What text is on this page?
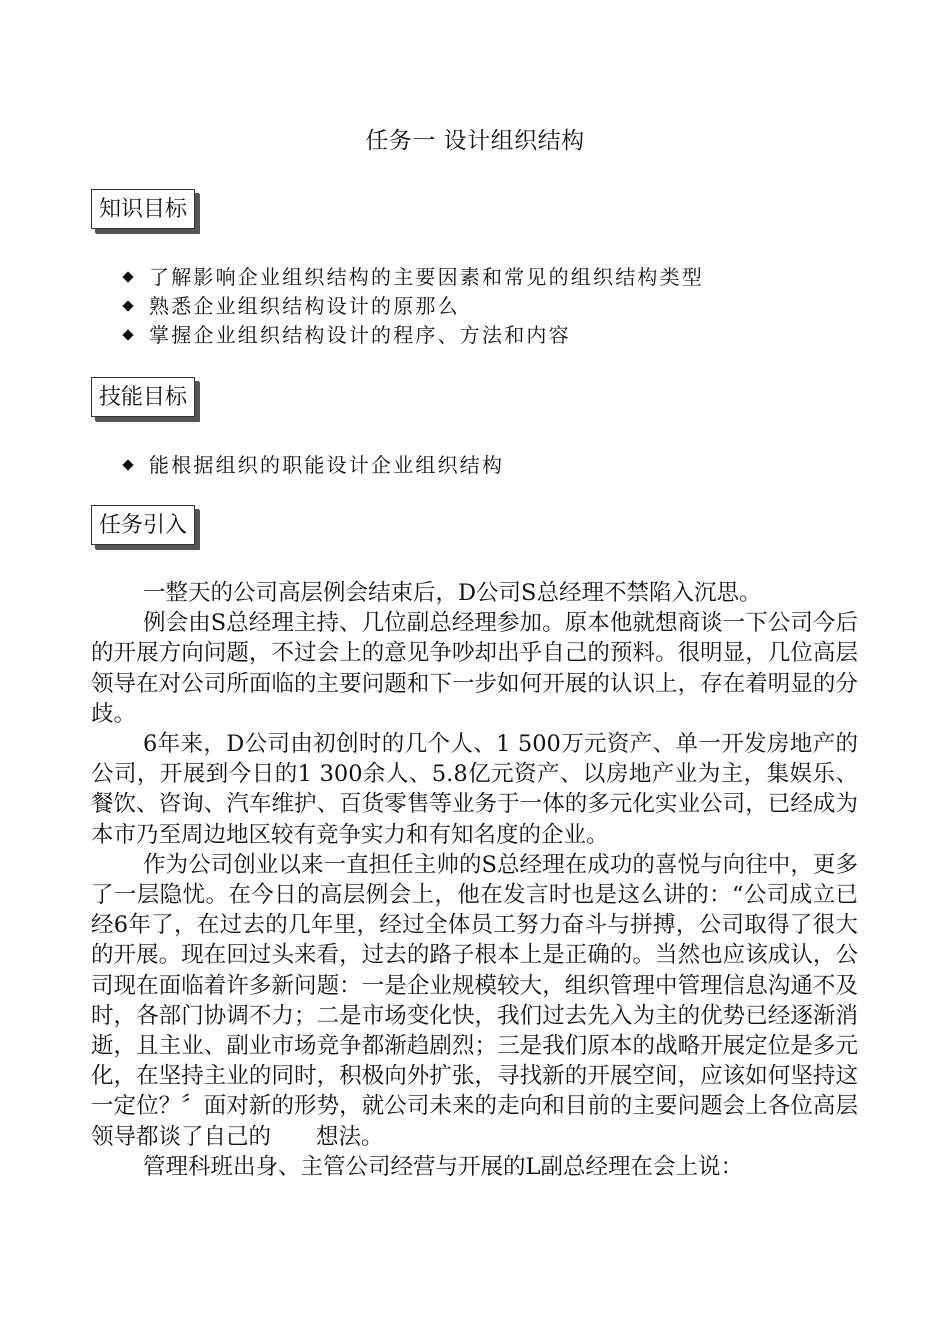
任务一 设计组织结构
知识目标
了解影响企业组织结构的主要因素和常见的组织结构类型
熟悉企业组织结构设计的原那么
掌握企业组织结构设计的程序、方法和内容
技能目标
能根据组织的职能设计企业组织结构
任务引入

一整天的公司高层例会结束后，D公司S总经理不禁陷入沉思。

例会由S总经理主持、几位副总经理参加。原本他就想商谈一下公司今后的开展方向问题，不过会上的意见争吵却出乎自己的预料。很明显，几位高层领导在对公司所面临的主要问题和下一步如何开展的认识上，存在着明显的分歧。

6年来，D公司由初创时的几个人、1 500万元资产、单一开发房地产的公司，开展到今日的1 300余人、5.8亿元资产、以房地产业为主，集娱乐、餐饮、咨询、汽车维护、百货零售等业务于一体的多元化实业公司，已经成为本市乃至周边地区较有竞争实力和有知名度的企业。

作为公司创业以来一直担任主帅的S总经理在成功的喜悦与向往中，更多了一层隐忧。在今日的高层例会上，他在发言时也是这么讲的：“公司成立已经6年了，在过去的几年里，经过全体员工努力奋斗与拼搏，公司取得了很大的开展。现在回过头来看，过去的路子根本上是正确的。当然也应该成认，公司现在面临着许多新问题：一是企业规模较大，组织管理中管理信息沟通不及时，各部门协调不力；二是市场变化快，我们过去先入为主的优势已经逐渐消逝，且主业、副业市场竞争都渐趋剧烈；三是我们原本的战略开展定位是多元化，在坚持主业的同时，积极向外扩张，寻找新的开展空间，应该如何坚持这一定位？〞面对新的形势，就公司未来的走向和目前的主要问题会上各位高层领导都谈了自己的　　想法。

管理科班出身、主管公司经营与开展的L副总经理在会上说：
